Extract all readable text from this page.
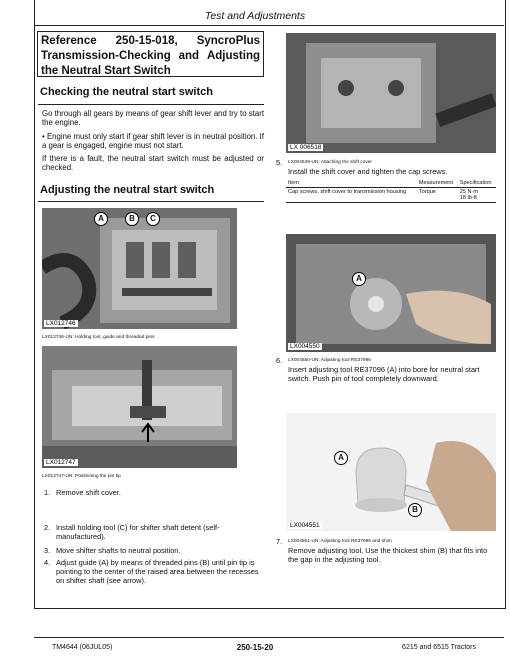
Test and Adjustments
Reference 250-15-018, SyncroPlus
Transmission-Checking and Adjusting
the Neutral Start Switch
Checking the neutral start switch

Go through all gears by means of gear shift lever and try to start the engine.

• Engine must only start if gear shift lever is in neutral position. If a gear is engaged, engine must not start.

If there is a fault, the neutral start switch must be adjusted or checked.

Adjusting the neutral start switch
A	B	C
LX012746
LX012746-UN: Holding tool, guide and threaded pins
LX012747
LX012747-UN: Positioning the pin tip
1. Remove shift cover.
2. Install holding tool (C) for shifter shaft detent (self-manufactured).
3. Move shifter shafts to neutral position.
4. Adjust guide (A) by means of threaded pins (B) until pin tip is pointing to the center of the raised area between the recesses on shifter shaft (see arrow).
LX 006518
5. LX004549-UN: Attaching the shift cover
Install the shift cover and tighten the cap screws.
Item	Measurement	Specification
Cap screws, shift cover to transmission housing	Torque	25 N·m
18 lb-ft
A
LX004550
6. LX004550-UN: Adjusting tool RE37996
Insert adjusting tool RE37096 (A) into bore for neutral start switch. Push pin of tool completely downward.
A
B
LX004551
7. LX004551-UN: Adjusting tool RE37996 and shim
Remove adjusting tool. Use the thickest shim (B) that fits into the gap in the adjusting tool.
TM4644 (06JUL05)	250-15-20	6215 and 6515 Tractors
